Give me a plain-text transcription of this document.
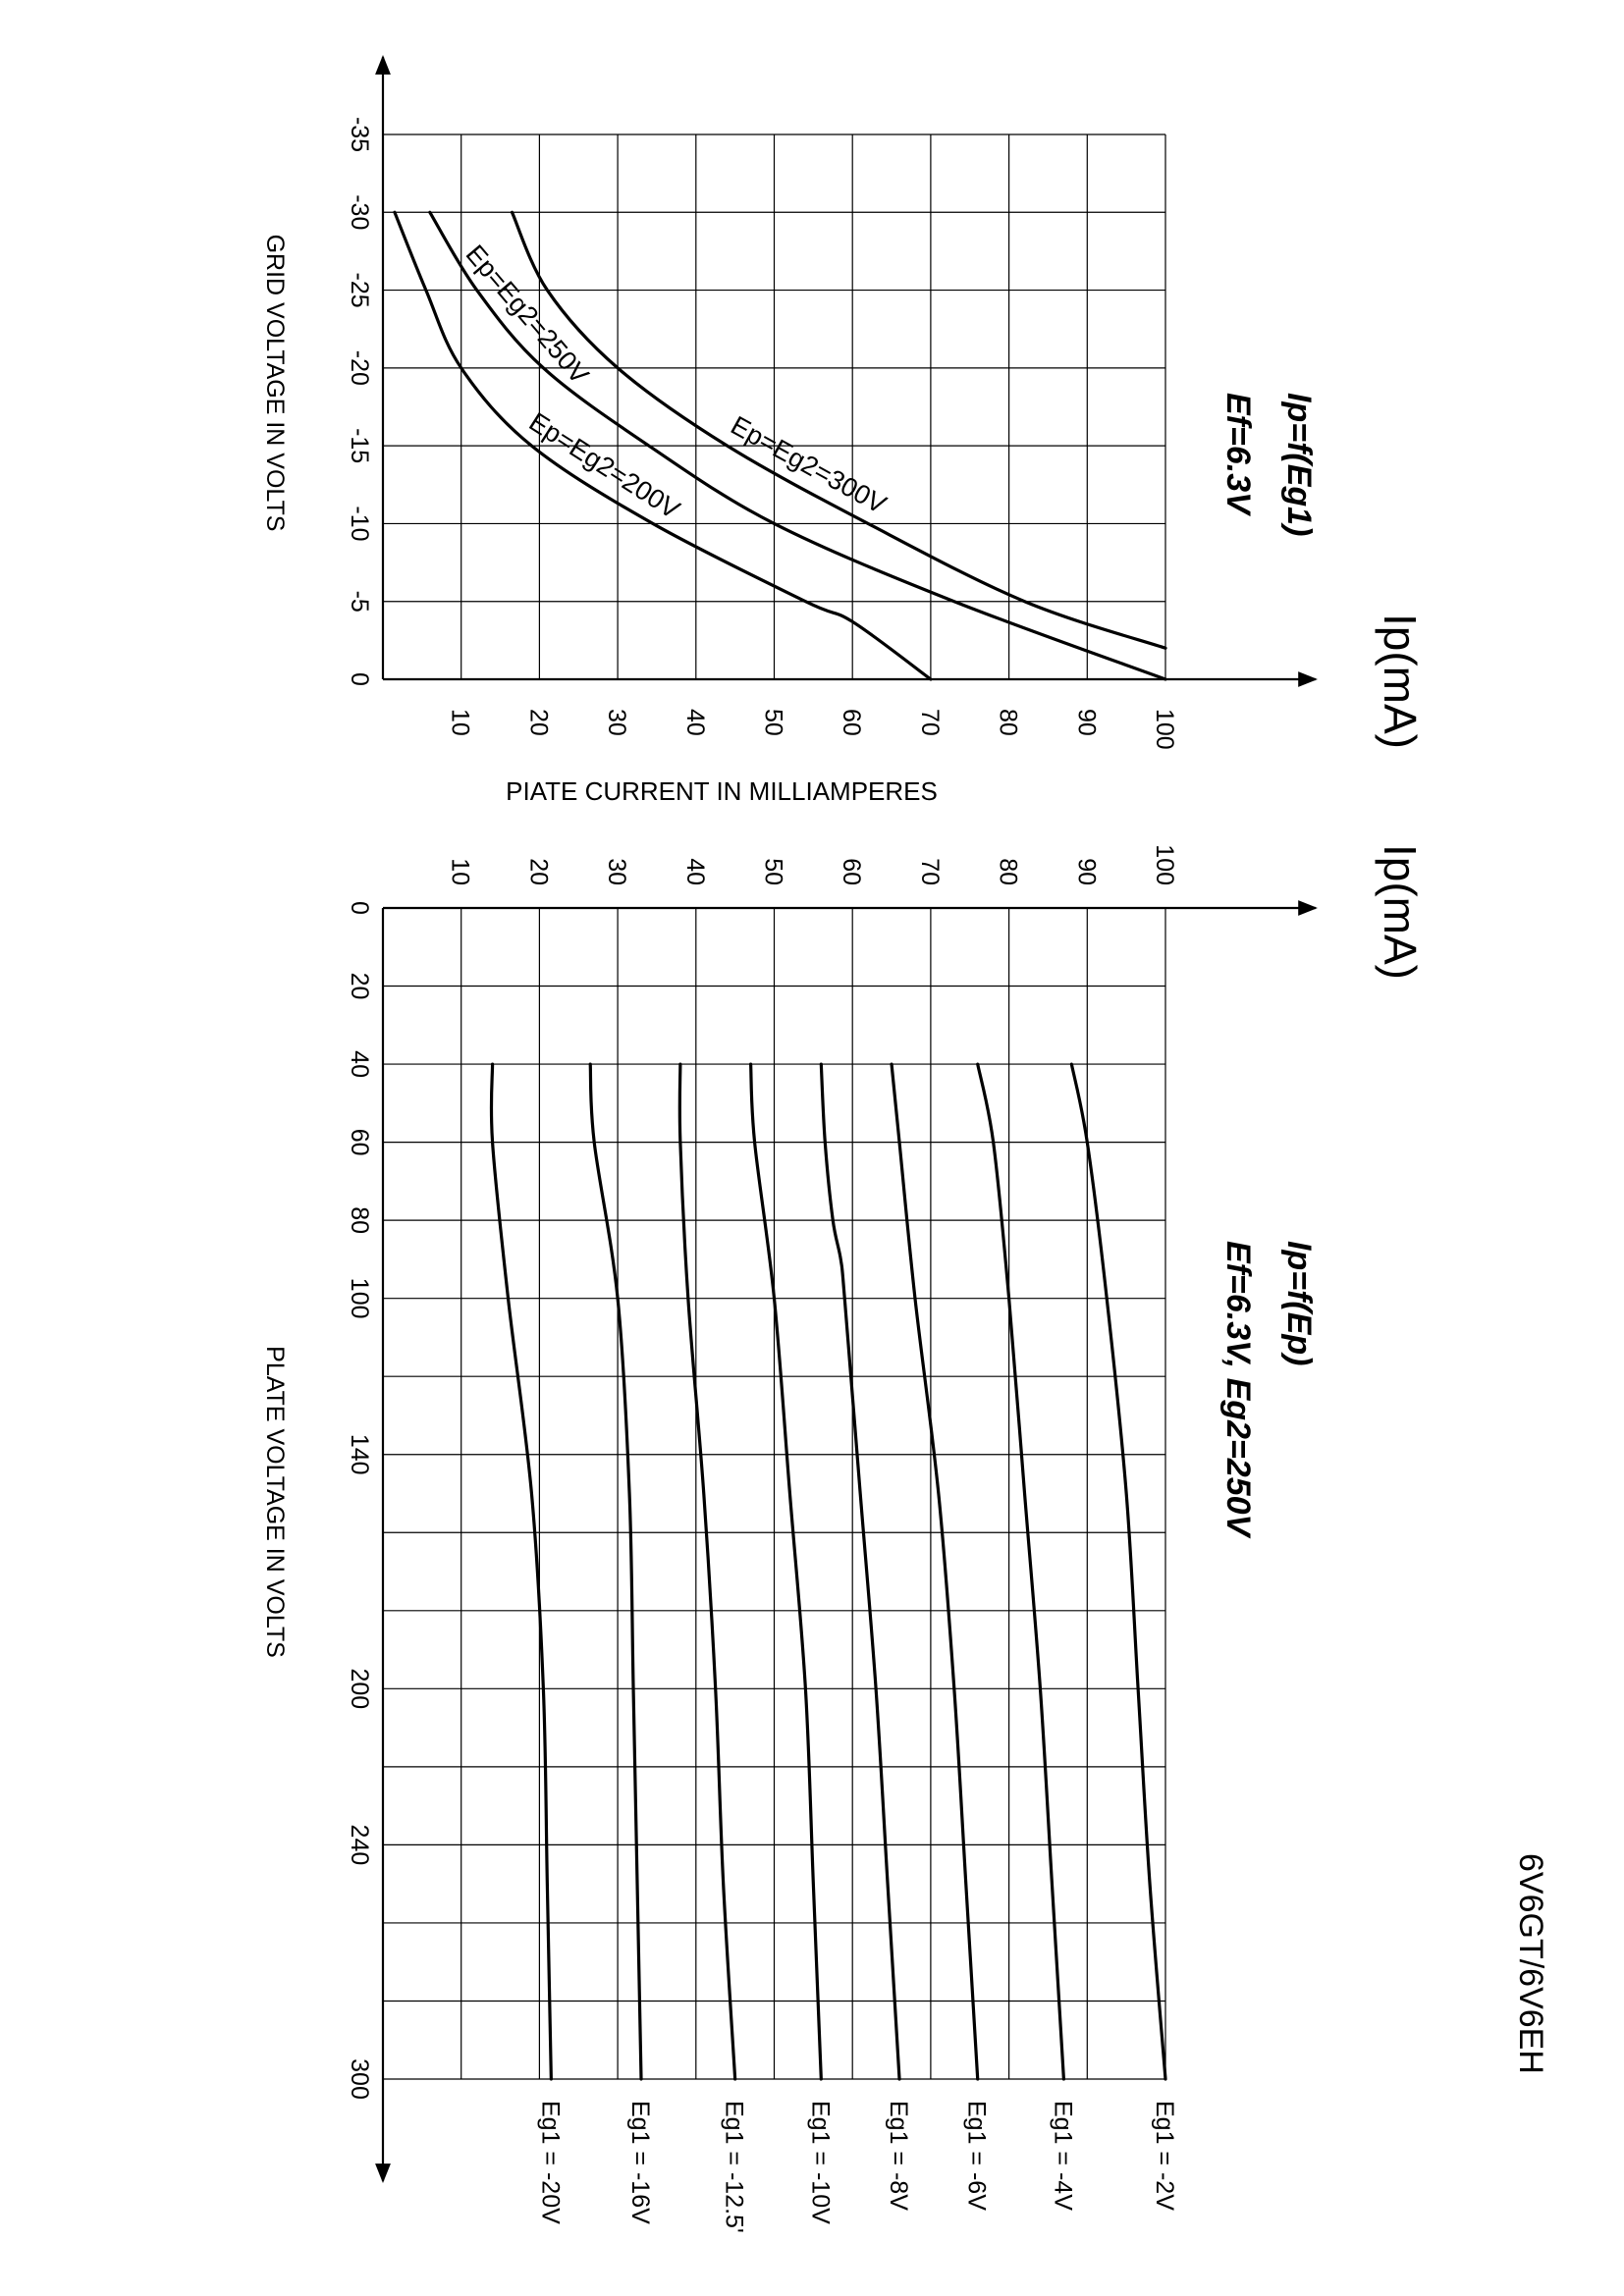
Ep=Eg2=300V
Ep=Eg2=250V
Ep=Eg2=200V
0
-5
-10
-15
-20
-25
-30
-35
10 20 30 40 50 60 70 80 90 100
Ip=f(Eg1)
Ef=6.3V
Ip(mA)
GRID VOLTAGE IN VOLTS
PIATE CURRENT IN MILLIAMPERES
0
20
40
60
80
100
140
200
240
300
10 20 30 40 50 60 70 80 90 100
Eg1 = -2V
Eg1 = -4V
Eg1 = -6V
Eg1 = -8V
Eg1 = -10V
Eg1 = -12.5'
Eg1 = -16V
Eg1 = -20V
Ip=f(Ep)
Ef=6.3V, Eg2=250V
Ip(mA)
PLATE VOLTAGE IN VOLTS
6V6GT/6V6EH
